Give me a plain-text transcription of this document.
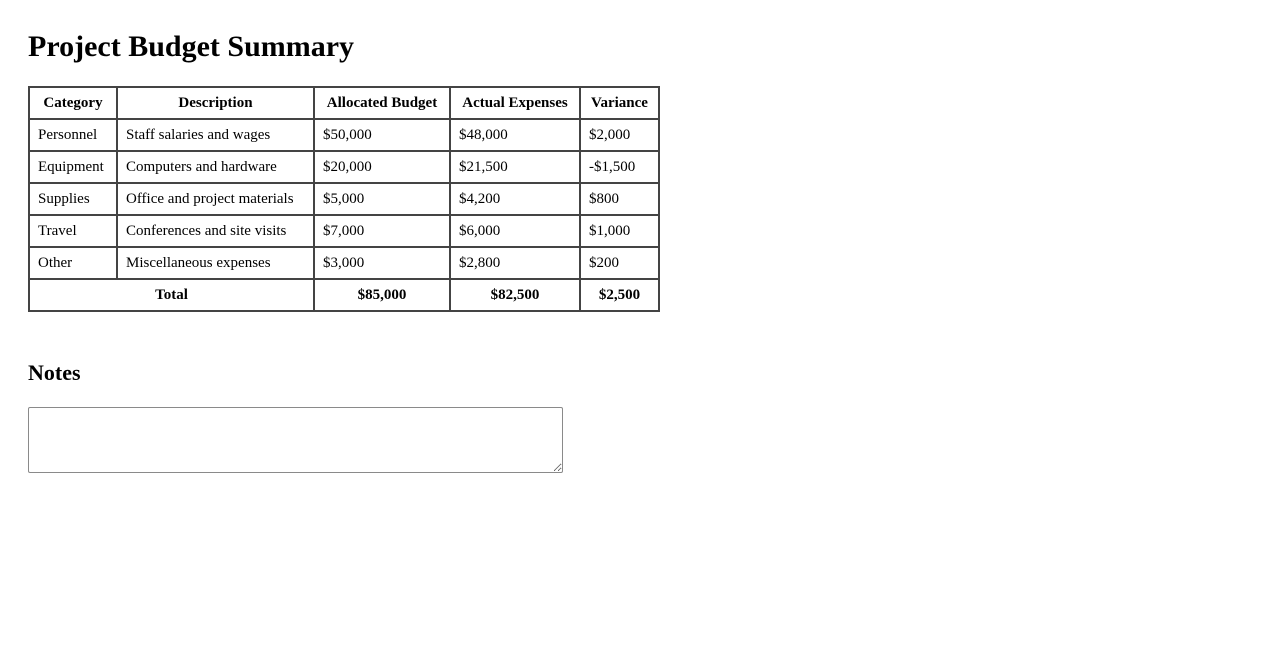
Project Budget Summary
Category	Description	Allocated Budget	Actual Expenses	Variance
Personnel	Staff salaries and wages	$50,000	$48,000	$2,000
Equipment	Computers and hardware	$20,000	$21,500	-$1,500
Supplies	Office and project materials	$5,000	$4,200	$800
Travel	Conferences and site visits	$7,000	$6,000	$1,000
Other	Miscellaneous expenses	$3,000	$2,800	$200
Total		$85,000	$82,500	$2,500
Notes
